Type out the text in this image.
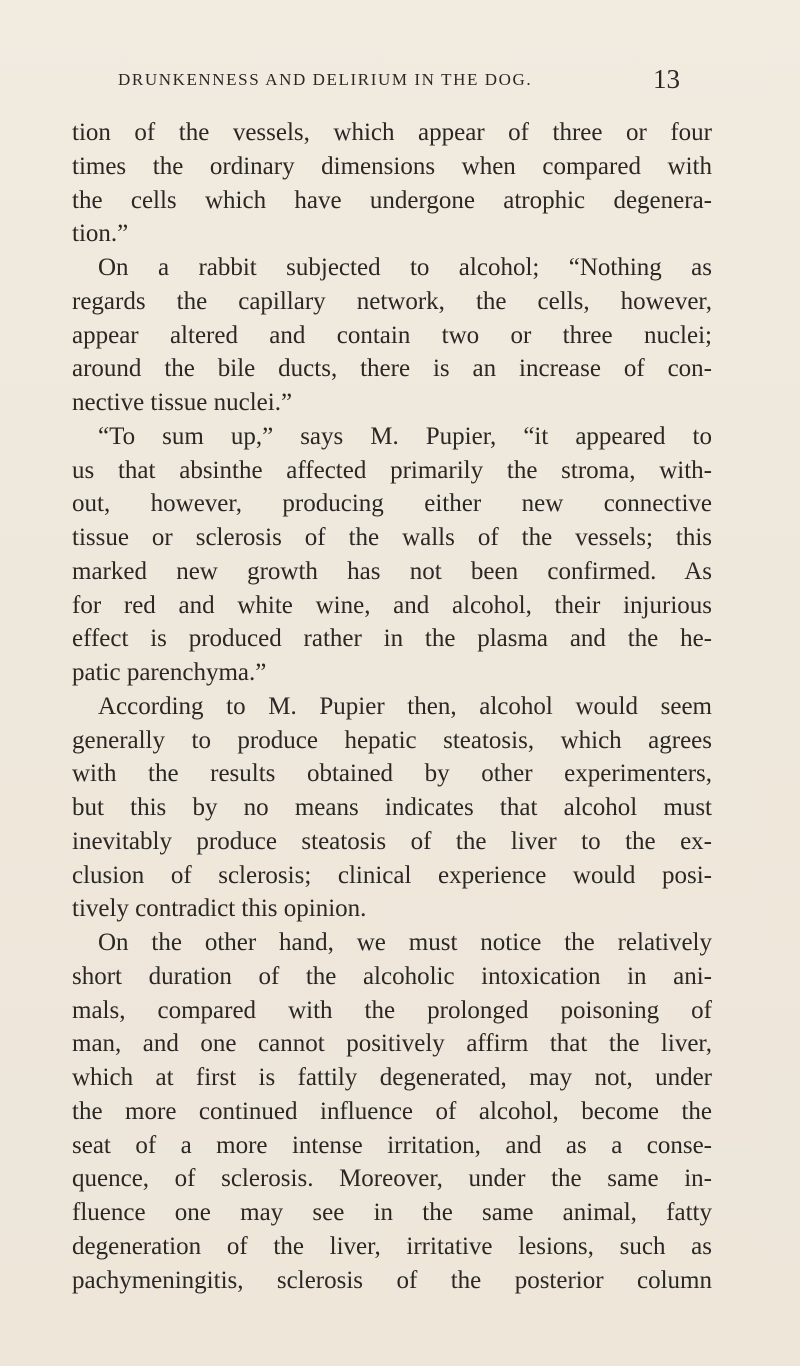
DRUNKENNESS AND DELIRIUM IN THE DOG.	13
tion of the vessels, which appear of three or four
times the ordinary dimensions when compared with
the cells which have undergone atrophic degenera-
tion.”
On a rabbit subjected to alcohol; “Nothing as
regards the capillary network, the cells, however,
appear altered and contain two or three nuclei;
around the bile ducts, there is an increase of con-
nective tissue nuclei.”
“To sum up,” says M. Pupier, “it appeared to
us that absinthe affected primarily the stroma, with-
out, however, producing either new connective
tissue or sclerosis of the walls of the vessels; this
marked new growth has not been confirmed. As
for red and white wine, and alcohol, their injurious
effect is produced rather in the plasma and the he-
patic parenchyma.”
According to M. Pupier then, alcohol would seem
generally to produce hepatic steatosis, which agrees
with the results obtained by other experimenters,
but this by no means indicates that alcohol must
inevitably produce steatosis of the liver to the ex-
clusion of sclerosis; clinical experience would posi-
tively contradict this opinion.
On the other hand, we must notice the relatively
short duration of the alcoholic intoxication in ani-
mals, compared with the prolonged poisoning of
man, and one cannot positively affirm that the liver,
which at first is fattily degenerated, may not, under
the more continued influence of alcohol, become the
seat of a more intense irritation, and as a conse-
quence, of sclerosis. Moreover, under the same in-
fluence one may see in the same animal, fatty
degeneration of the liver, irritative lesions, such as
pachymeningitis, sclerosis of the posterior column
